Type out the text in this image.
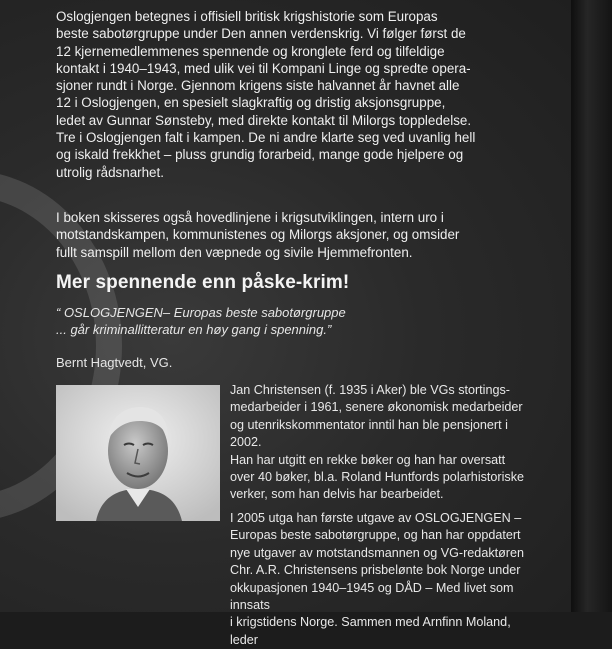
Oslogjengen betegnes i offisiell britisk krigshistorie som Europas
beste sabotørgruppe under Den annen verdenskrig. Vi følger først de
12 kjernemedlemmenes spennende og kronglete ferd og tilfeldige
kontakt i 1940–1943, med ulik vei til Kompani Linge og spredte opera-
sjoner rundt i Norge. Gjennom krigens siste halvannet år havnet alle
12 i Oslogjengen, en spesielt slagkraftig og dristig aksjonsgruppe,
ledet av Gunnar Sønsteby, med direkte kontakt til Milorgs toppledelse.
Tre i Oslogjengen falt i kampen. De ni andre klarte seg ved uvanlig hell
og iskald frekkhet – pluss grundig forarbeid, mange gode hjelpere og
utrolig rådsnarhet.

I boken skisseres også hovedlinjene i krigsutviklingen, intern uro i
motstandskampen, kommunistenes og Milorgs aksjoner, og omsider
fullt samspill mellom den væpnede og sivile Hjemmefronten.

Mer spennende enn påske-krim!

“ OSLOGJENGEN– Europas beste sabotørgruppe
... går kriminallitteratur en høy gang i spenning.”

Bernt Hagtvedt, VG.

Jan Christensen (f. 1935 i Aker) ble VGs stortings-
medarbeider i 1961, senere økonomisk medarbeider
og utenrikskommentator inntil han ble pensjonert i 2002.
Han har utgitt en rekke bøker og han har oversatt
over 40 bøker, bl.a. Roland Huntfords polarhistoriske
verker, som han delvis har bearbeidet.

I 2005 utga han første utgave av OSLOGJENGEN –
Europas beste sabotørgruppe, og han har oppdatert
nye utgaver av motstandsmannen og VG-redaktøren
Chr. A.R. Christensens prisbelønte bok Norge under
okkupasjonen 1940–1945 og DÅD – Med livet som innsats
i krigstidens Norge. Sammen med Arnfinn Moland, leder
